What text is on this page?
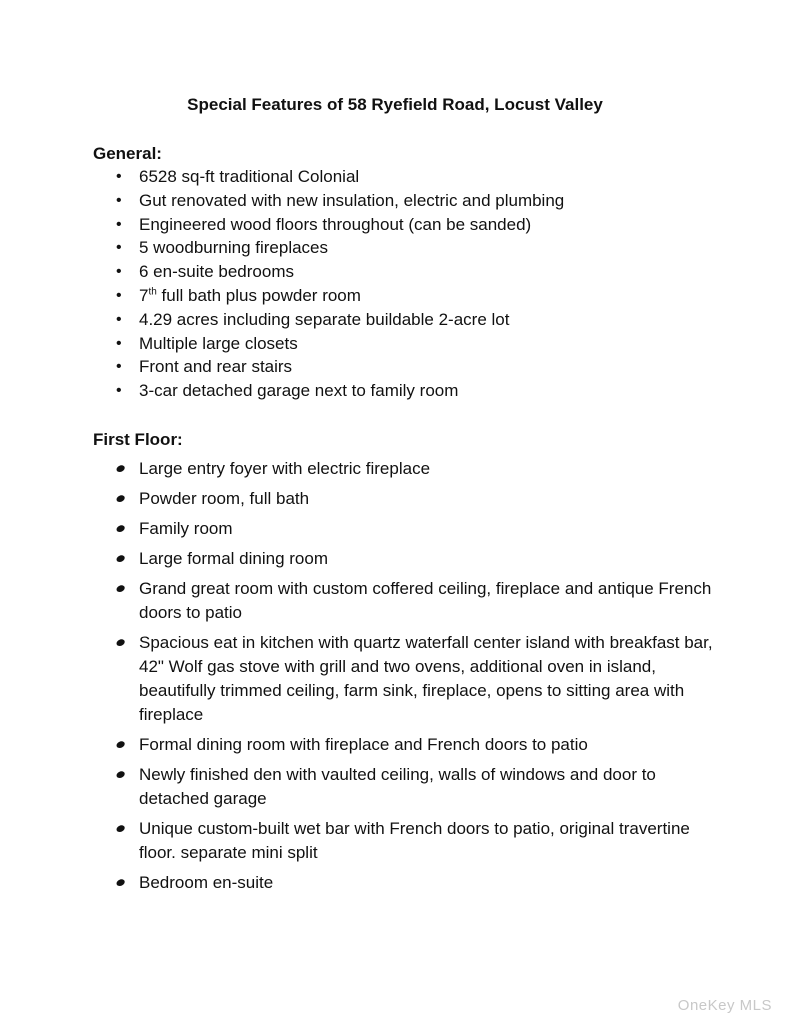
Special Features of 58 Ryefield Road, Locust Valley
General:
• 6528 sq-ft traditional Colonial
• Gut renovated with new insulation, electric and plumbing
• Engineered wood floors throughout (can be sanded)
• 5 woodburning fireplaces
• 6 en-suite bedrooms
• 7th full bath plus powder room
• 4.29 acres including separate buildable 2-acre lot
• Multiple large closets
• Front and rear stairs
• 3-car detached garage next to family room
First Floor:
● Large entry foyer with electric fireplace
● Powder room, full bath
● Family room
● Large formal dining room
● Grand great room with custom coffered ceiling, fireplace and antique French doors to patio
● Spacious eat in kitchen with quartz waterfall center island with breakfast bar, 42" Wolf gas stove with grill and two ovens, additional oven in island, beautifully trimmed ceiling, farm sink, fireplace, opens to sitting area with fireplace
● Formal dining room with fireplace and French doors to patio
● Newly finished den with vaulted ceiling, walls of windows and door to detached garage
● Unique custom-built wet bar with French doors to patio, original travertine floor. separate mini split
● Bedroom en-suite
OneKey MLS
